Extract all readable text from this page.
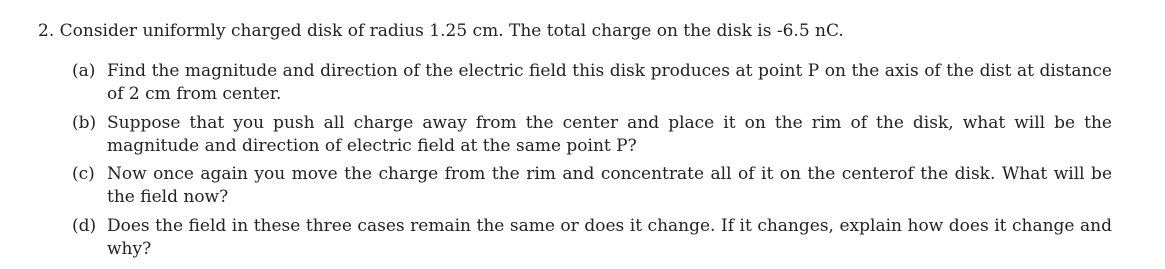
2. Consider uniformly charged disk of radius 1.25 cm. The total charge on the disk is -6.5 nC.
(a) Find the magnitude and direction of the electric field this disk produces at point P on the axis of the dist at distance of 2 cm from center.
(b) Suppose that you push all charge away from the center and place it on the rim of the disk, what will be the magnitude and direction of electric field at the same point P?
(c) Now once again you move the charge from the rim and concentrate all of it on the centerof the disk. What will be the field now?
(d) Does the field in these three cases remain the same or does it change. If it changes, explain how does it change and why?
